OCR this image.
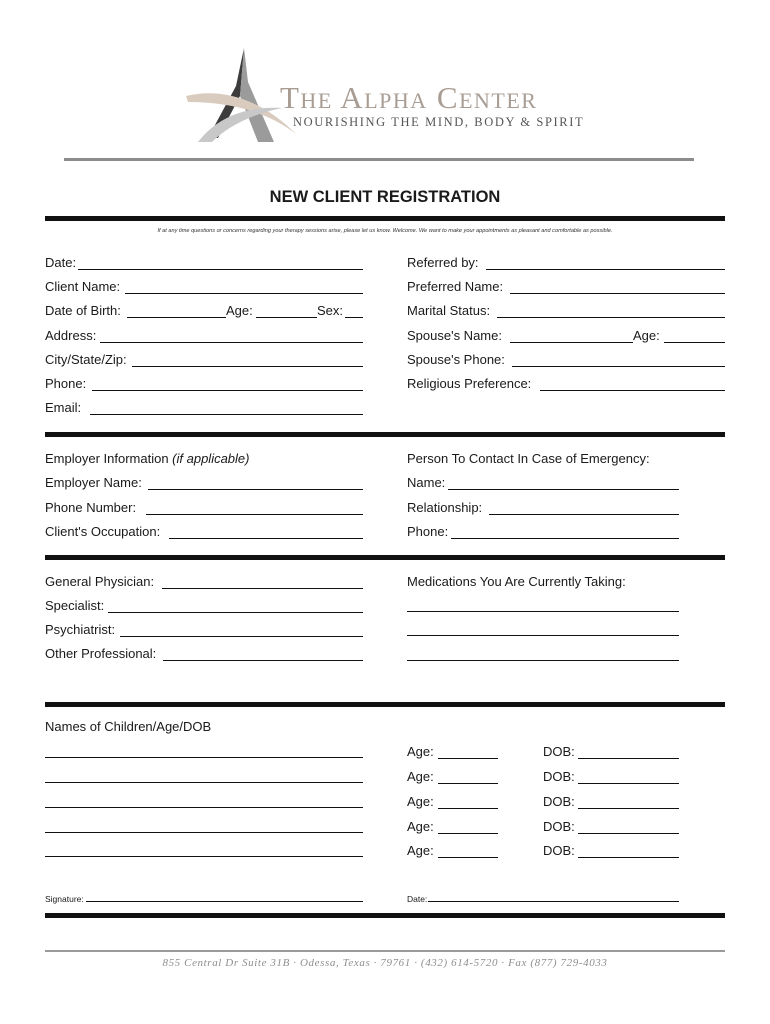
The Alpha Center
NOURISHING THE MIND, BODY & SPIRIT
NEW CLIENT REGISTRATION
If at any time questions or concerns regarding your therapy sessions arise, please let us know. Welcome. We want to make your appointments as pleasant and comfortable as possible.
Date:
Client Name:
Date of Birth:	Age:	Sex:
Address:
City/State/Zip:
Phone:
Email:
Referred by:
Preferred Name:
Marital Status:
Spouse's Name:	Age:
Spouse's Phone:
Religious Preference:
Employer Information (if applicable)	Person To Contact In Case of Emergency:
Employer Name:
Phone Number:
Client's Occupation:
Name:
Relationship:
Phone:
General Physician:
Specialist:
Psychiatrist:
Other Professional:
Medications You Are Currently Taking:
Names of Children/Age/DOB
Age:	DOB:
Age:	DOB:
Age:	DOB:
Age:	DOB:
Age:	DOB:
Signature:	Date:
855 Central Dr Suite 31B · Odessa, Texas · 79761 · (432) 614-5720 · Fax (877) 729-4033
